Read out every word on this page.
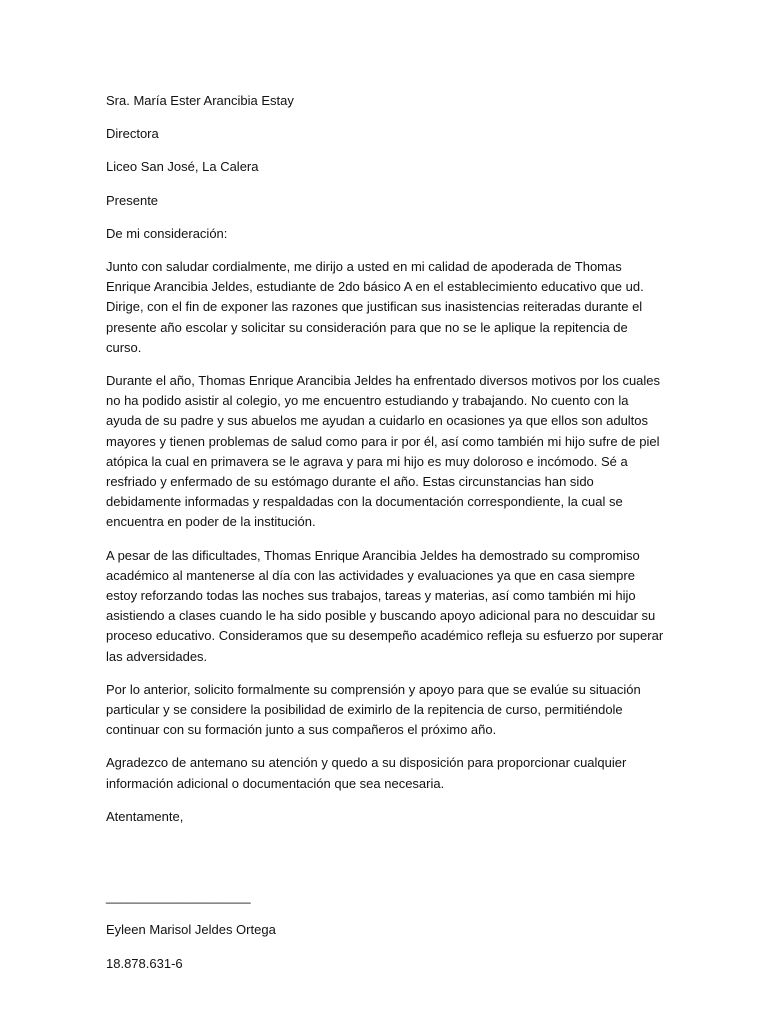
Sra. María Ester Arancibia Estay

Directora

Liceo San José, La Calera

Presente

De mi consideración:

Junto con saludar cordialmente, me dirijo a usted en mi calidad de apoderada de Thomas Enrique Arancibia Jeldes, estudiante de 2do básico A en el establecimiento educativo que ud. Dirige, con el fin de exponer las razones que justifican sus inasistencias reiteradas durante el presente año escolar y solicitar su consideración para que no se le aplique la repitencia de curso.

Durante el año, Thomas Enrique Arancibia Jeldes ha enfrentado diversos motivos por los cuales no ha podido asistir al colegio, yo me encuentro estudiando y trabajando. No cuento con la ayuda de su padre y sus abuelos me ayudan a cuidarlo en ocasiones ya que ellos son adultos mayores y tienen problemas de salud como para ir por él, así como también mi hijo sufre de piel atópica la cual en primavera se le agrava y para mi hijo es muy doloroso e incómodo. Sé a resfriado y enfermado de su estómago durante el año. Estas circunstancias han sido debidamente informadas y respaldadas con la documentación correspondiente, la cual se encuentra en poder de la institución.

A pesar de las dificultades, Thomas Enrique Arancibia Jeldes ha demostrado su compromiso académico al mantenerse al día con las actividades y evaluaciones ya que en casa siempre estoy reforzando todas las noches sus trabajos, tareas y materias, así como también mi hijo asistiendo a clases cuando le ha sido posible y buscando apoyo adicional para no descuidar su proceso educativo. Consideramos que su desempeño académico refleja su esfuerzo por superar las adversidades.

Por lo anterior, solicito formalmente su comprensión y apoyo para que se evalúe su situación particular y se considere la posibilidad de eximirlo de la repitencia de curso, permitiéndole continuar con su formación junto a sus compañeros el próximo año.

Agradezco de antemano su atención y quedo a su disposición para proporcionar cualquier información adicional o documentación que sea necesaria.

Atentamente,

____________________

Eyleen Marisol Jeldes Ortega

18.878.631-6
